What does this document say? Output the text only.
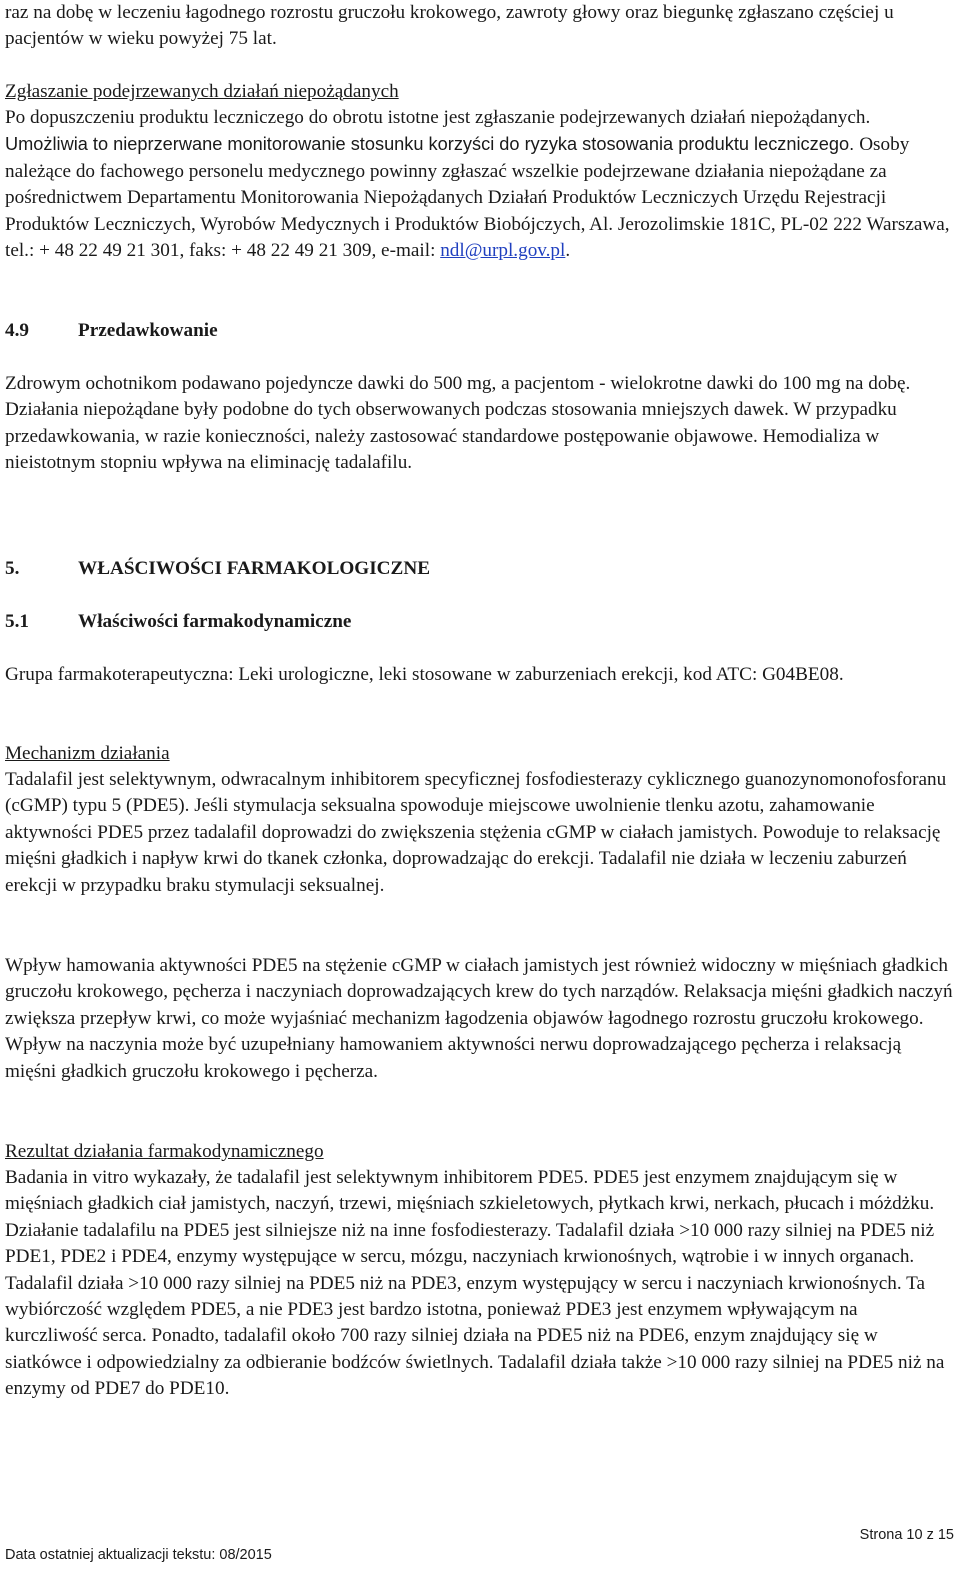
raz na dobę w leczeniu łagodnego rozrostu gruczołu krokowego, zawroty głowy oraz biegunkę zgłaszano częściej u pacjentów w wieku powyżej 75 lat.

Zgłaszanie podejrzewanych działań niepożądanych

Po dopuszczeniu produktu leczniczego do obrotu istotne jest zgłaszanie podejrzewanych działań niepożądanych. Umożliwia to nieprzerwane monitorowanie stosunku korzyści do ryzyka stosowania produktu leczniczego. Osoby należące do fachowego personelu medycznego powinny zgłaszać wszelkie podejrzewane działania niepożądane za pośrednictwem Departamentu Monitorowania Niepożądanych Działań Produktów Leczniczych Urzędu Rejestracji Produktów Leczniczych, Wyrobów Medycznych i Produktów Biobójczych, Al. Jerozolimskie 181C, PL-02 222 Warszawa, tel.: + 48 22 49 21 301, faks: + 48 22 49 21 309, e-mail: ndl@urpl.gov.pl.

4.9	Przedawkowanie

Zdrowym ochotnikom podawano pojedyncze dawki do 500 mg, a pacjentom - wielokrotne dawki do 100 mg na dobę. Działania niepożądane były podobne do tych obserwowanych podczas stosowania mniejszych dawek. W przypadku przedawkowania, w razie konieczności, należy zastosować standardowe postępowanie objawowe. Hemodializa w nieistotnym stopniu wpływa na eliminację tadalafilu.

5.	WŁAŚCIWOŚCI FARMAKOLOGICZNE
5.1	Właściwości farmakodynamiczne

Grupa farmakoterapeutyczna: Leki urologiczne, leki stosowane w zaburzeniach erekcji, kod ATC: G04BE08.

Mechanizm działania

Tadalafil jest selektywnym, odwracalnym inhibitorem specyficznej fosfodiesterazy cyklicznego guanozynomonofosforanu (cGMP) typu 5 (PDE5). Jeśli stymulacja seksualna spowoduje miejscowe uwolnienie tlenku azotu, zahamowanie aktywności PDE5 przez tadalafil doprowadzi do zwiększenia stężenia cGMP w ciałach jamistych. Powoduje to relaksację mięśni gładkich i napływ krwi do tkanek członka, doprowadzając do erekcji. Tadalafil nie działa w leczeniu zaburzeń erekcji w przypadku braku stymulacji seksualnej.

Wpływ hamowania aktywności PDE5 na stężenie cGMP w ciałach jamistych jest również widoczny w mięśniach gładkich gruczołu krokowego, pęcherza i naczyniach doprowadzających krew do tych narządów. Relaksacja mięśni gładkich naczyń zwiększa przepływ krwi, co może wyjaśniać mechanizm łagodzenia objawów łagodnego rozrostu gruczołu krokowego. Wpływ na naczynia może być uzupełniany hamowaniem aktywności nerwu doprowadzającego pęcherza i relaksacją mięśni gładkich gruczołu krokowego i pęcherza.

Rezultat działania farmakodynamicznego

Badania in vitro wykazały, że tadalafil jest selektywnym inhibitorem PDE5. PDE5 jest enzymem znajdującym się w mięśniach gładkich ciał jamistych, naczyń, trzewi, mięśniach szkieletowych, płytkach krwi, nerkach, płucach i móżdżku. Działanie tadalafilu na PDE5 jest silniejsze niż na inne fosfodiesterazy. Tadalafil działa >10 000 razy silniej na PDE5 niż PDE1, PDE2 i PDE4, enzymy występujące w sercu, mózgu, naczyniach krwionośnych, wątrobie i w innych organach. Tadalafil działa >10 000 razy silniej na PDE5 niż na PDE3, enzym występujący w sercu i naczyniach krwionośnych. Ta wybiórczość względem PDE5, a nie PDE3 jest bardzo istotna, ponieważ PDE3 jest enzymem wpływającym na kurczliwość serca. Ponadto, tadalafil około 700 razy silniej działa na PDE5 niż na PDE6, enzym znajdujący się w siatkówce i odpowiedzialny za odbieranie bodźców świetlnych. Tadalafil działa także >10 000 razy silniej na PDE5 niż na enzymy od PDE7 do PDE10.

Strona 10 z 15
Data ostatniej aktualizacji tekstu: 08/2015
